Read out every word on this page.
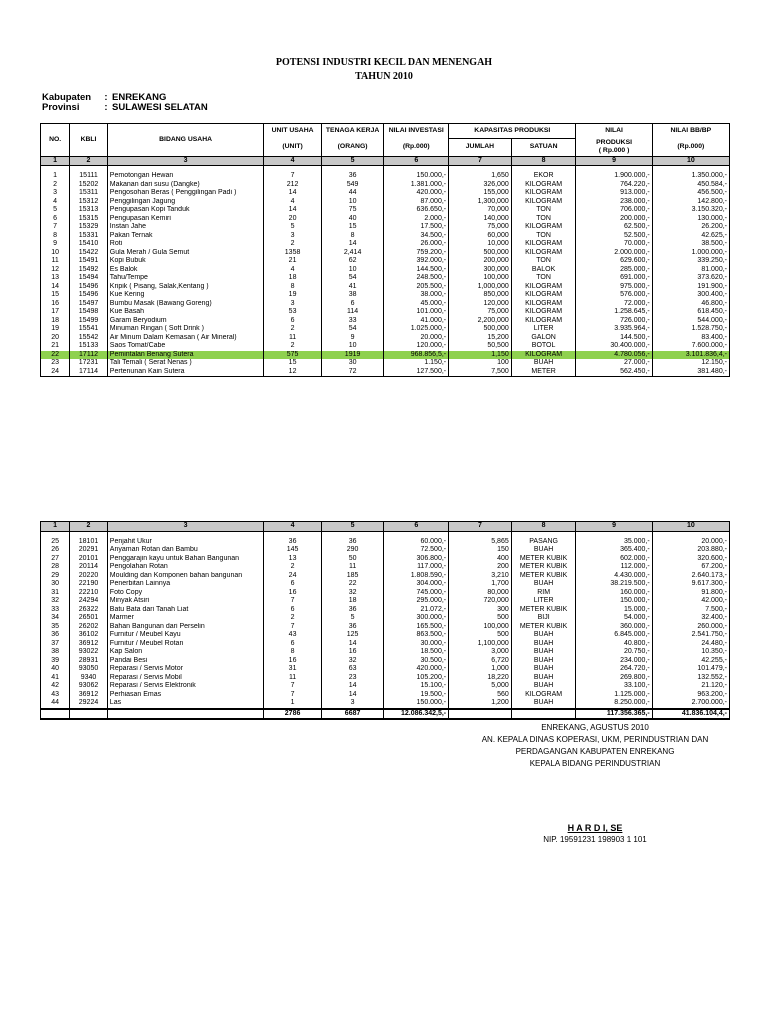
POTENSI INDUSTRI KECIL DAN MENENGAH
TAHUN 2010
Kabupaten : ENREKANG
Provinsi	: SULAWESI SELATAN
NO.	KBLI	BIDANG USAHA	UNIT USAHA	TENAGA KERJA	NILAI INVESTASI	KAPASITAS PRODUKSI		NILAI	NILAI BB/BP
			(UNIT)	(ORANG)	(Rp.000)	JUMLAH	SATUAN	PRODUKSI
( Rp.000 )	(Rp.000)
1	2	3	4	5	6	7	8	9	10

1	15111	Pemotongan Hewan	7	36	150.000,-	1,650	EKOR	1.900.000,-	1.350.000,-
2	15202	Makanan dari susu (Dangke)	212	549	1.381.000,-	326,000	KILOGRAM	764.220,-	450.584,-
3	15311	Pengosohan Beras ( Penggilingan Padi )	14	44	420.000,-	155,000	KILOGRAM	913.000,-	456.500,-
4	15312	Penggilingan Jagung	4	10	87.000,-	1,300,000	KILOGRAM	238.000,-	142.800,-
5	15313	Pengupasan Kopi Tanduk	14	75	636.650,-	70,000	TON	706.000,-	3.150.320,-
6	15315	Pengupasan Kemiri	20	40	2.000,-	140,000	TON	200.000,-	130.000,-
7	15329	Instan Jahe	5	15	17.500,-	75,000	KILOGRAM	62.500,-	26.200,-
8	15331	Pakan Ternak	3	8	34.500,-	60,000	TON	52.500,-	42.625,-
9	15410	Roti	2	14	26.000,-	10,000	KILOGRAM	70.000,-	38.500,-
10	15422	Gula Merah / Gula Semut	1358	2,414	759.200,-	500,000	KILOGRAM	2.000.000,-	1.000.000,-
11	15491	Kopi Bubuk	21	62	392.000,-	200,000	TON	629.600,-	339.250,-
12	15492	Es Balok	4	10	144.500,-	300,000	BALOK	285.000,-	81.000,-
13	15494	Tahu/Tempe	18	54	248.500,-	100,000	TON	691.000,-	373.620,-
14	15496	Kripik ( Pisang, Salak,Kentang )	8	41	205.500,-	1,000,000	KILOGRAM	975.000,-	191.900,-
15	15496	Kue Kering	19	38	38.000,-	850,000	KILOGRAM	576.000,-	300.400,-
16	15497	Bumbu Masak (Bawang Goreng)	3	6	45.000,-	120,000	KILOGRAM	72.000,-	46.800,-
17	15498	Kue Basah	53	114	101.000,-	75,000	KILOGRAM	1.258.645,-	618.450,-
18	15499	Garam Beryodium	6	33	41.000,-	2,200,000	KILOGRAM	726.000,-	544.000,-
19	15541	Minuman Ringan ( Soft Drink )	2	54	1.025.000,-	500,000	LITER	3.935.964,-	1.528.750,-
20	15542	Air Minum Dalam Kemasan ( Air Mineral)	11	9	20.000,-	15,200	GALON	144.500,-	83.400,-
21	15133	Saos Tomat/Cabe	2	10	120.000,-	50,500	BOTOL	30.400.000,-	7.600.000,-
22	17112	Pemintalan Benang Sutera	575	1919	968.856,5,-	1,150	KILOGRAM	4.780.056,-	3.101.836,4,-
23	17231	Tali Temali ( Serat Nenas )	15	30	1.150,-	100	BUAH	27.000,-	12.150,-
24	17114	Pertenunan Kain Sutera	12	72	127.500,-	7,500	METER	562.450,-	381.480,-
1	2	3	4	5	6	7	8	9	10

25	18101	Penjahit Ukur	36	36	60.000,-	5,865	PASANG	35.000,-	20.000,-
26	20291	Anyaman Rotan dan Bambu	145	290	72.500,-	150	BUAH	365.400,-	203.880,-
27	20101	Penggarajin kayu untuk Bahan Bangunan	13	50	306.800,-	400	METER KUBIK	602.000,-	320.600,-
28	20114	Pengolahan Rotan	2	11	117.000,-	200	METER KUBIK	112.000,-	67.200,-
29	20220	Moulding dan Komponen bahan bangunan	24	185	1.808.590,-	3,210	METER KUBIK	4.430.000,-	2.640.173,-
30	22190	Penerbitan Lainnya	6	22	304.000,-	1,700	BUAH	38.219.500,-	9.617.300,-
31	22210	Foto Copy	16	32	745.000,-	80,000	RIM	160.000,-	91.800,-
32	24294	Minyak Atsiri	7	18	295.000,-	720,000	LITER	150.000,-	42.000,-
33	26322	Batu Bata dari Tanah Liat	6	36	21.072,-	300	METER KUBIK	15.000,-	7.500,-
34	26501	Marmer	2	5	300.000,-	500	BIJI	54.000,-	32.400,-
35	26202	Bahan Bangunan dari Perselin	7	36	165.500,-	100,000	METER KUBIK	360.000,-	260.000,-
36	36102	Furnitur / Meubel Kayu	43	125	863.500,-	500	BUAH	6.845.000,-	2.541.750,-
37	36912	Furnitur / Meubel Rotan	6	14	30.000,-	1,100,000	BUAH	40.800,-	24.480,-
38	93022	Kap Salon	8	16	18.500,-	3,000	BUAH	20.750,-	10.350,-
39	28931	Pandai Besi	16	32	30.500,-	6,720	BUAH	234.000,-	42.255,-
40	93050	Reparasi / Servis Motor	31	63	420.000,-	1,000	BUAH	264.720,-	101.479,-
41	9340	Reparasi / Servis Mobil	11	23	105.200,-	18,220	BUAH	269.800,-	132.552,-
42	93062	Reparasi / Servis Elektronik	7	14	15.100,-	5,000	BUAH	33.100,-	21.120,-
43	36912	Perhiasan Emas	7	14	19.500,-	560	KILOGRAM	1.125.000,-	963.200,-
44	29224	Las	1	3	150.000,-	1,200	BUAH	8.250.000,-	2.700.000,-
			2786	6687	12.086.342,5,-			117.356.365,-	41.836.104,4,-
ENREKANG, AGUSTUS 2010
AN. KEPALA DINAS KOPERASI, UKM, PERINDUSTRIAN DAN
PERDAGANGAN KABUPATEN ENREKANG
KEPALA BIDANG PERINDUSTRIAN
H A R D I, SE
NIP. 19591231 198903 1 101
